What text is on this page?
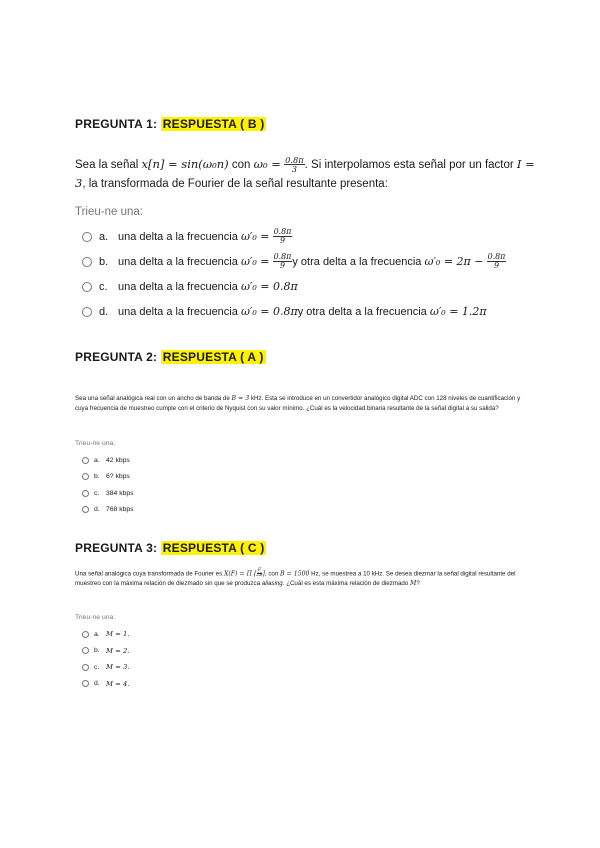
PREGUNTA 1: RESPUESTA ( B )
Sea la señal x[n] = sin(ω₀n) con $\omega_0 = \frac{0.8\pi}{3}$ . Si interpolamos esta señal por un factor I = 3, la transformada de Fourier de la señal resultante presenta:
Trieu-ne una:
a. una delta a la frecuencia
ω′₀ =
$\frac{0.8\pi}{9}$
b. una delta a la frecuencia
ω′₀ =
$\frac{0.8\pi}{9}$ y otra delta a la frecuencia
ω′₀ = 2π −
$\frac{0.8\pi}{9}$
c. una delta a la frecuencia
ω′₀ = 0.8π
d. una delta a la frecuencia
ω′₀ = 0.8π y otra delta a la frecuencia
ω′₀ = 1.2π
PREGUNTA 2: RESPUESTA ( A )
Sea una señal analógica real con un ancho de banda de B = 3 kHz. Esta se introduce en un convertidor analógico digital ADC con 128 niveles de cuantificación y cuya frecuencia de muestreo cumple con el criterio de Nyquist con su valor mínimo. ¿Cuál es la velocidad binaria resultante de la señal digital a su salida?
Trieu-ne una:
a. 42 kbps
b. 6? kbps
c. 384 kbps
d. 768 kbps
PREGUNTA 3: RESPUESTA ( C )
Una señal analógica cuya transformada de Fourier es X(F) = Π [ $\frac{F}{2B}$ ], con B = 1500 Hz, se muestrea a 10 kHz. Se desea diezmar la señal digital resultante del muestreo con la máxima relación de diezmado sin que se produzca aliasing. ¿Cuál es esta máxima relación de diezmado M?
Trieu-ne una:
a. M = 1.
b. M = 2.
c. M = 3.
d. M = 4.
